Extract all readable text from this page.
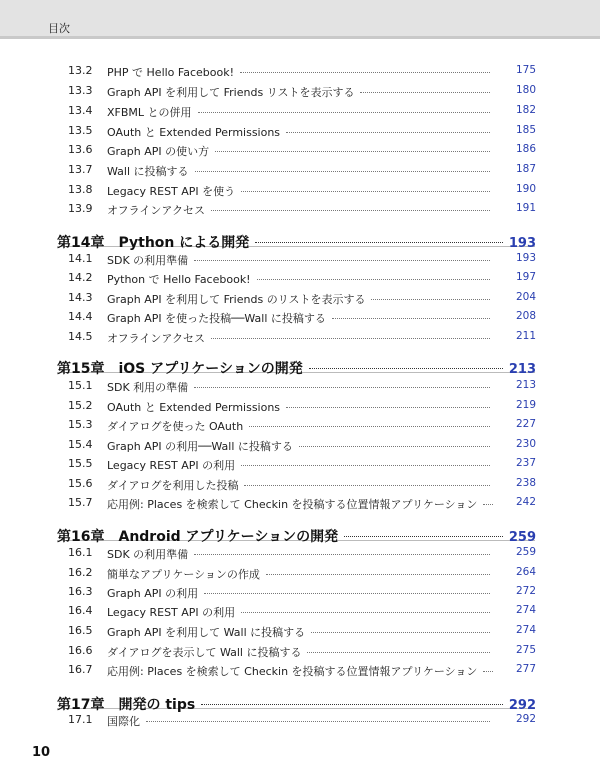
目次
13.2	PHP で Hello Facebook!	175
13.3	Graph API を利用して Friends リストを表示する	180
13.4	XFBML との併用	182
13.5	OAuth と Extended Permissions	185
13.6	Graph API の使い方	186
13.7	Wall に投稿する	187
13.8	Legacy REST API を使う	190
13.9	オフラインアクセス	191
第14章 Python による開発	193
14.1	SDK の利用準備	193
14.2	Python で Hello Facebook!	197
14.3	Graph API を利用して Friends のリストを表示する	204
14.4	Graph API を使った投稿──Wall に投稿する	208
14.5	オフラインアクセス	211
第15章 iOS アプリケーションの開発	213
15.1	SDK 利用の準備	213
15.2	OAuth と Extended Permissions	219
15.3	ダイアログを使った OAuth	227
15.4	Graph API の利用──Wall に投稿する	230
15.5	Legacy REST API の利用	237
15.6	ダイアログを利用した投稿	238
15.7	応用例: Places を検索して Checkin を投稿する位置情報アプリケーション	242
第16章 Android アプリケーションの開発	259
16.1	SDK の利用準備	259
16.2	簡単なアプリケーションの作成	264
16.3	Graph API の利用	272
16.4	Legacy REST API の利用	274
16.5	Graph API を利用して Wall に投稿する	274
16.6	ダイアログを表示して Wall に投稿する	275
16.7	応用例: Places を検索して Checkin を投稿する位置情報アプリケーション	277
第17章 開発の tips	292
17.1	国際化	292
10
